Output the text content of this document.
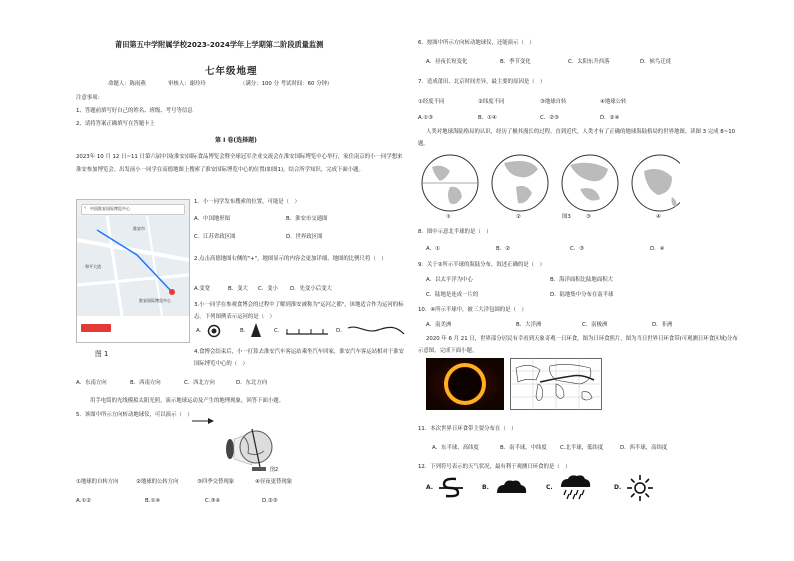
莆田第五中学附属学校2023-2024学年上学期第二阶段质量监测
七年级地理
命题人：陈雨燕	审核人：谢玲玲	（满分：100 分 考试时间：60 分钟）
注意事项：
1、答题前填写好自己的姓名、班级、考号等信息
2、请将答案正确填写在答题卡上
第 Ⅰ 卷(选择题)
2023年 10 月 12 日~11 日第六届中国(淮安)国际食品博览会暨全球冠军企业交流会在淮安国际博览中心举行，家住南京的小一同学想来淮安参加博览会。出发前小一同学在高德地图上搜索了淮安国际博览中心的位置(如图1)。结合所学知识，完成下面小题。
‹ 中国淮安国际博览中心
淮安市
和平大道
淮安国际博览中心
图 1
1．小一同学发布搜索的位置，可能是（　）
A．中国地形图	B．淮安市交通图
C．江苏省政区图	D．世界政区图
2.点击高德地图右侧的"+"，地图显示的内容会更加详细，地图的比例尺将（　）
A.变宽	B．变大 C．变小 D．先变小后变大
3.小一同学在参观食博会的过程中了解到淮安被称为"运河之都"，该地适合作为运河的标志。下列图例表示运河的是（　）
A.	B.	C.	D.
4.食博会结束后，小一打算去淮安汽车客运站乘坐汽车回家，淮安汽车客运站相对于淮安国际博览中心的（　）
A．东南方向	B．西南方向	C．西北方向	D．东北方向
用手电筒的光线模拟太阳光照，演示地球运动及产生的地理现象，回答下面小题。
5．该图中所示方向转动地球仪，可以演示（　）
图2
①地球的自转方向	②地球的公转方向	③四季交替现象	④昼夜更替现象
A.①②	B.①④	C.③④	D.②③
6．按图中所示方向转动地球仪，还能演示（　）
A．昼夜长短变化	B．季节变化	C．太阳东升西落	D．候鸟迁徙
7．造成莆田、北京时间差异，最主要的原因是（　）
①经度不同	②纬度不同	③地球自转	④地球公转
A.①③	B．①④	C．②③	D．②④
人类对地球海陆格局的认识，经历了极其漫长的过程。直到近代，人类才有了正确的地球海陆格局的世界地图。读图 3 完成 8~10 题。
①	②	图3	③	④
8．图中示意北半球的是（　）
A．①	B．②	C．③	D．④
9．关于②所示半球的海陆分布，叙述正确的是（　）
A．以太平洋为中心	B．海洋面积比陆地面积大
C．陆地是连成一片的	D．陆地集中分布在南半球
10．④所示半球中，被三大洋包围的是（　）
A．南美洲	B．大洋洲	C．南极洲	D．非洲
2020 年 6 月 21 日，世界部分居民有幸看到天象奇观一日环食，图为日环食照片，图为当日世界日环食带(可观测日环食区域)分布示意图。完成下面小题。
11．本次世界日环食带主要分布在（　）
A．东半球，高纬度	B．南半球，中纬度 C.北半球，低纬度	D．西半球，高纬度
12．下列符号表示的天气状况，最有利于观测日环食的是（　）
A.	B.	C.	D.
